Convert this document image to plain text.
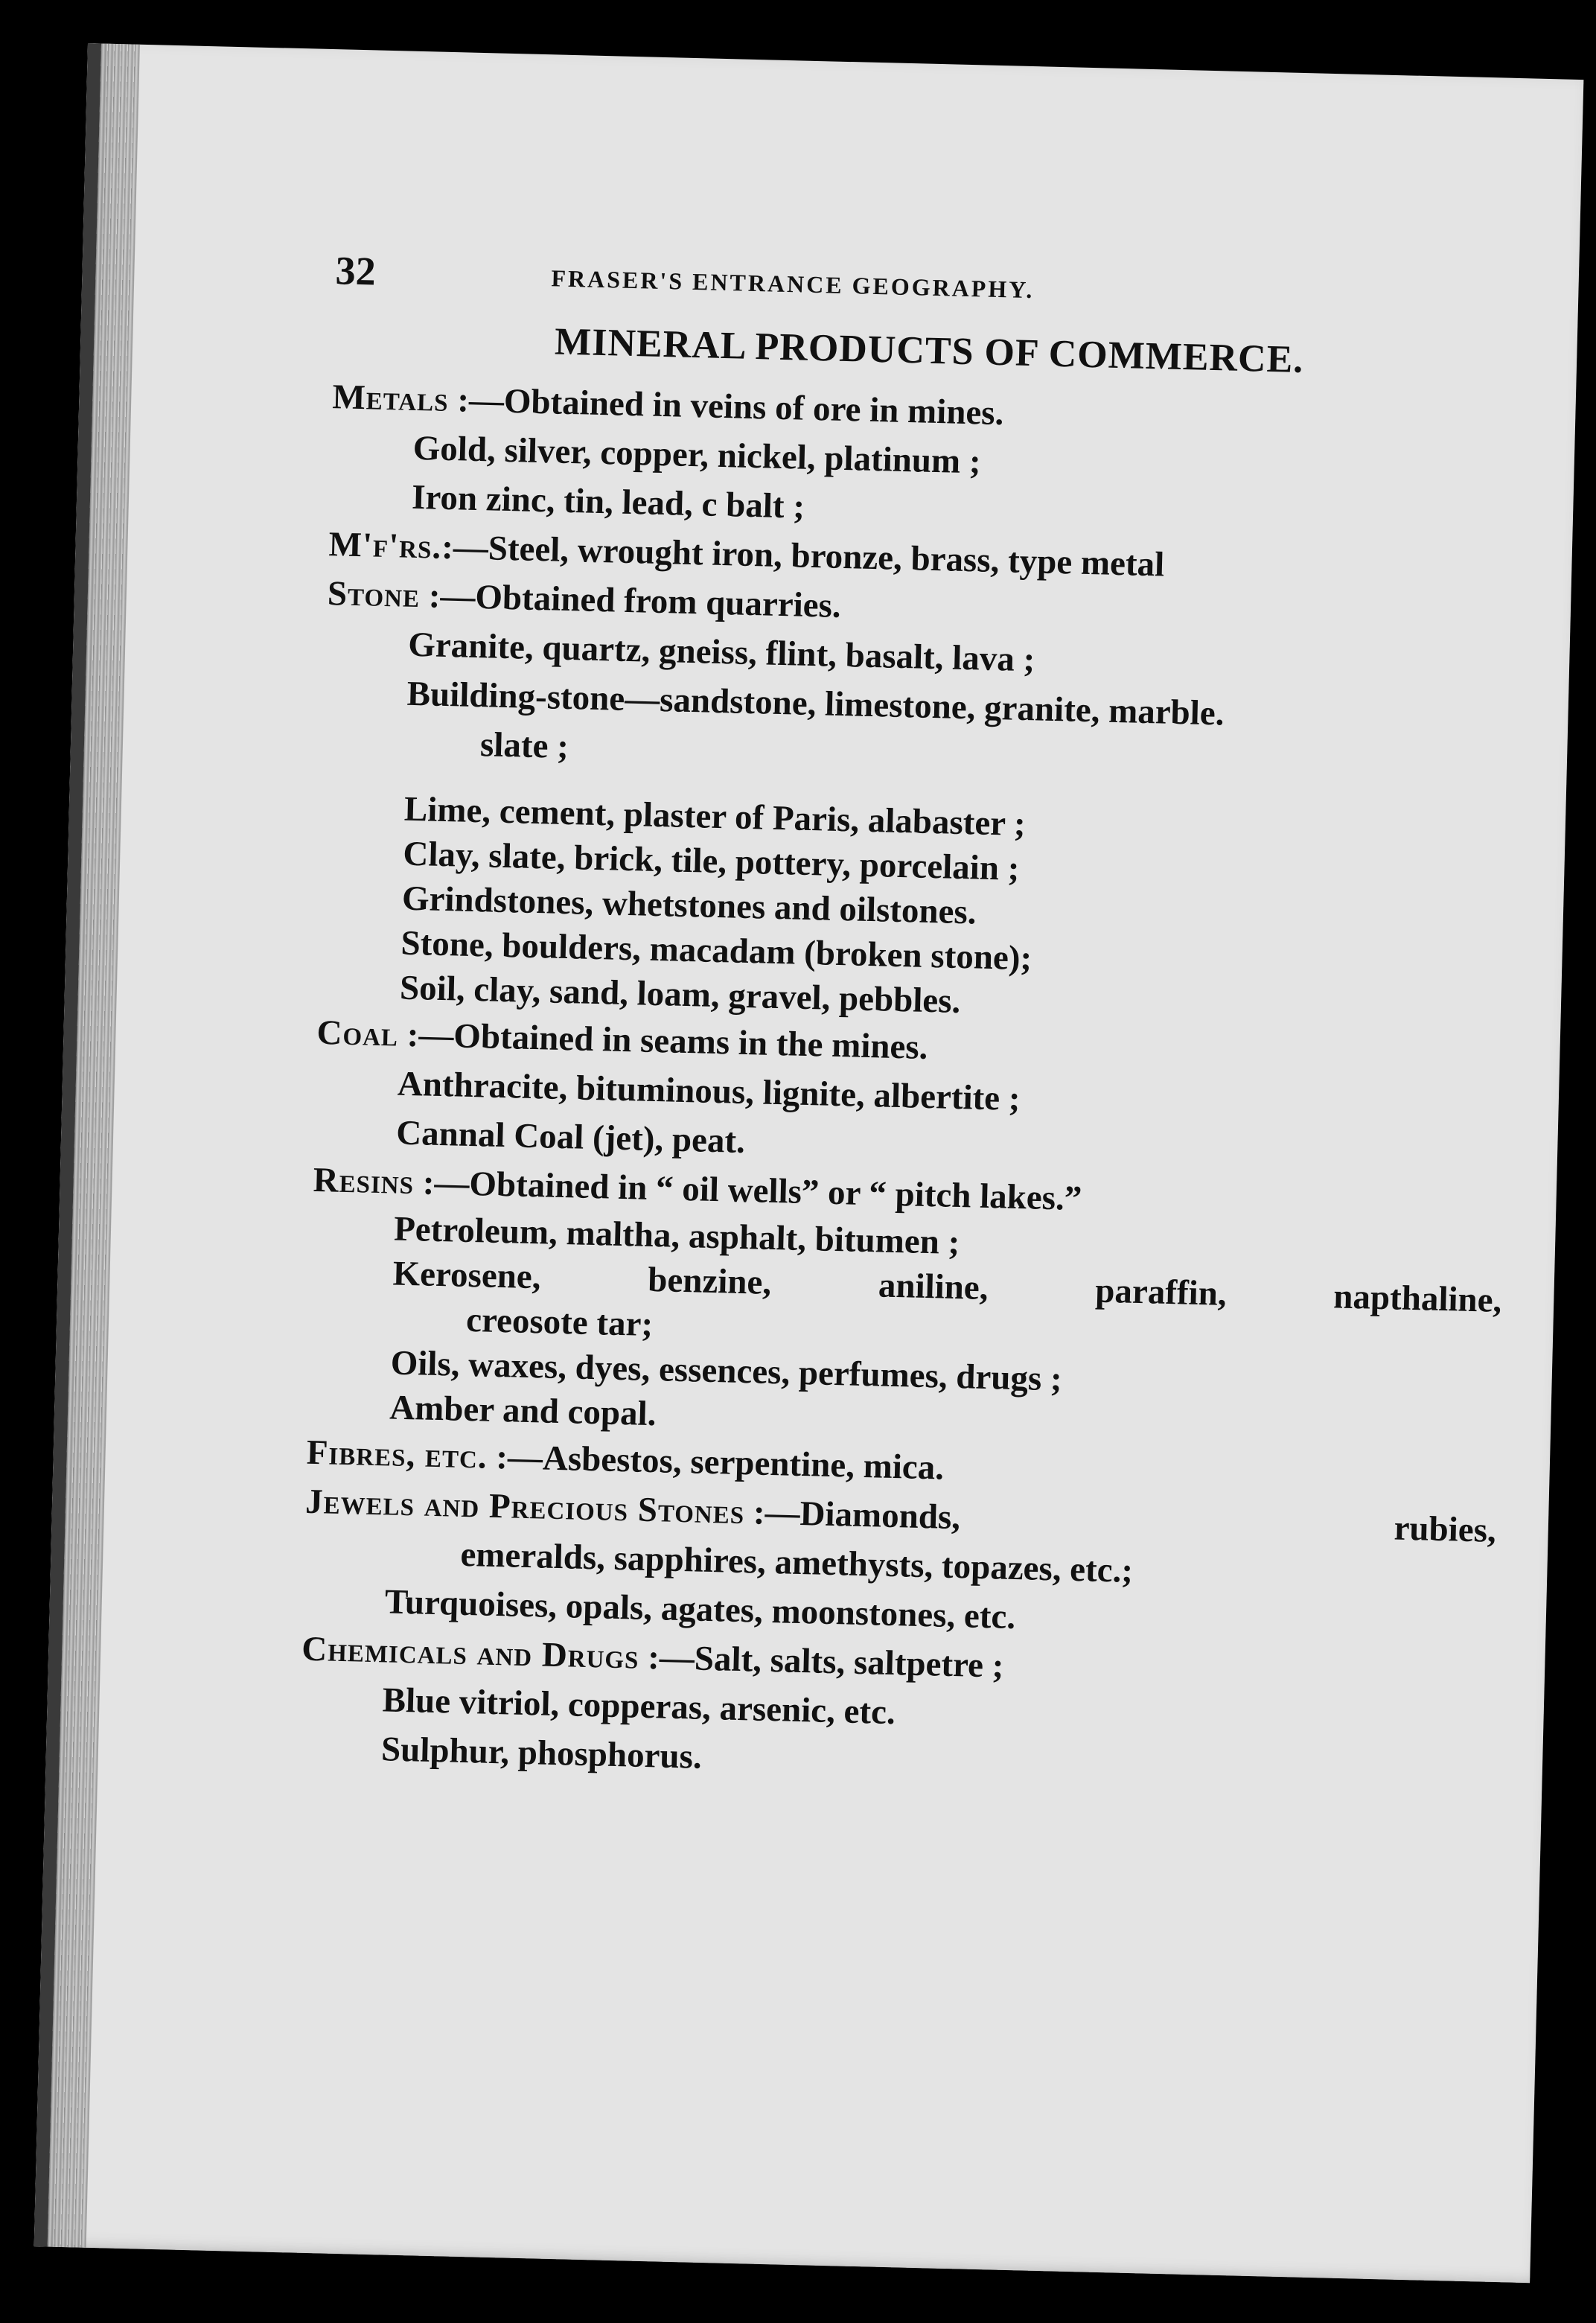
32	FRASER'S ENTRANCE GEOGRAPHY.
MINERAL PRODUCTS OF COMMERCE.
Metals :—Obtained in veins of ore in mines.
Gold, silver, copper, nickel, platinum ;
Iron zinc, tin, lead, c balt ;
M'f'rs.:—Steel, wrought iron, bronze, brass, type metal
Stone :—Obtained from quarries.
Granite, quartz, gneiss, flint, basalt, lava ;
Building-stone—sandstone, limestone, granite, marble.
slate ;
Lime, cement, plaster of Paris, alabaster ;
Clay, slate, brick, tile, pottery, porcelain ;
Grindstones, whetstones and oilstones.
Stone, boulders, macadam (broken stone);
Soil, clay, sand, loam, gravel, pebbles.
Coal :—Obtained in seams in the mines.
Anthracite, bituminous, lignite, albertite ;
Cannal Coal (jet), peat.
Resins :—Obtained in “ oil wells” or “ pitch lakes.”
Petroleum, maltha, asphalt, bitumen ;
Kerosene,	benzine,	aniline,	paraffin,	napthaline,
creosote tar;
Oils, waxes, dyes, essences, perfumes, drugs ;
Amber and copal.
Fibres, etc. :—Asbestos, serpentine, mica.
Jewels and Precious Stones :—Diamonds,	rubies,
emeralds, sapphires, amethysts, topazes, etc.;
Turquoises, opals, agates, moonstones, etc.
Chemicals and Drugs :—Salt, salts, saltpetre ;
Blue vitriol, copperas, arsenic, etc.
Sulphur, phosphorus.
